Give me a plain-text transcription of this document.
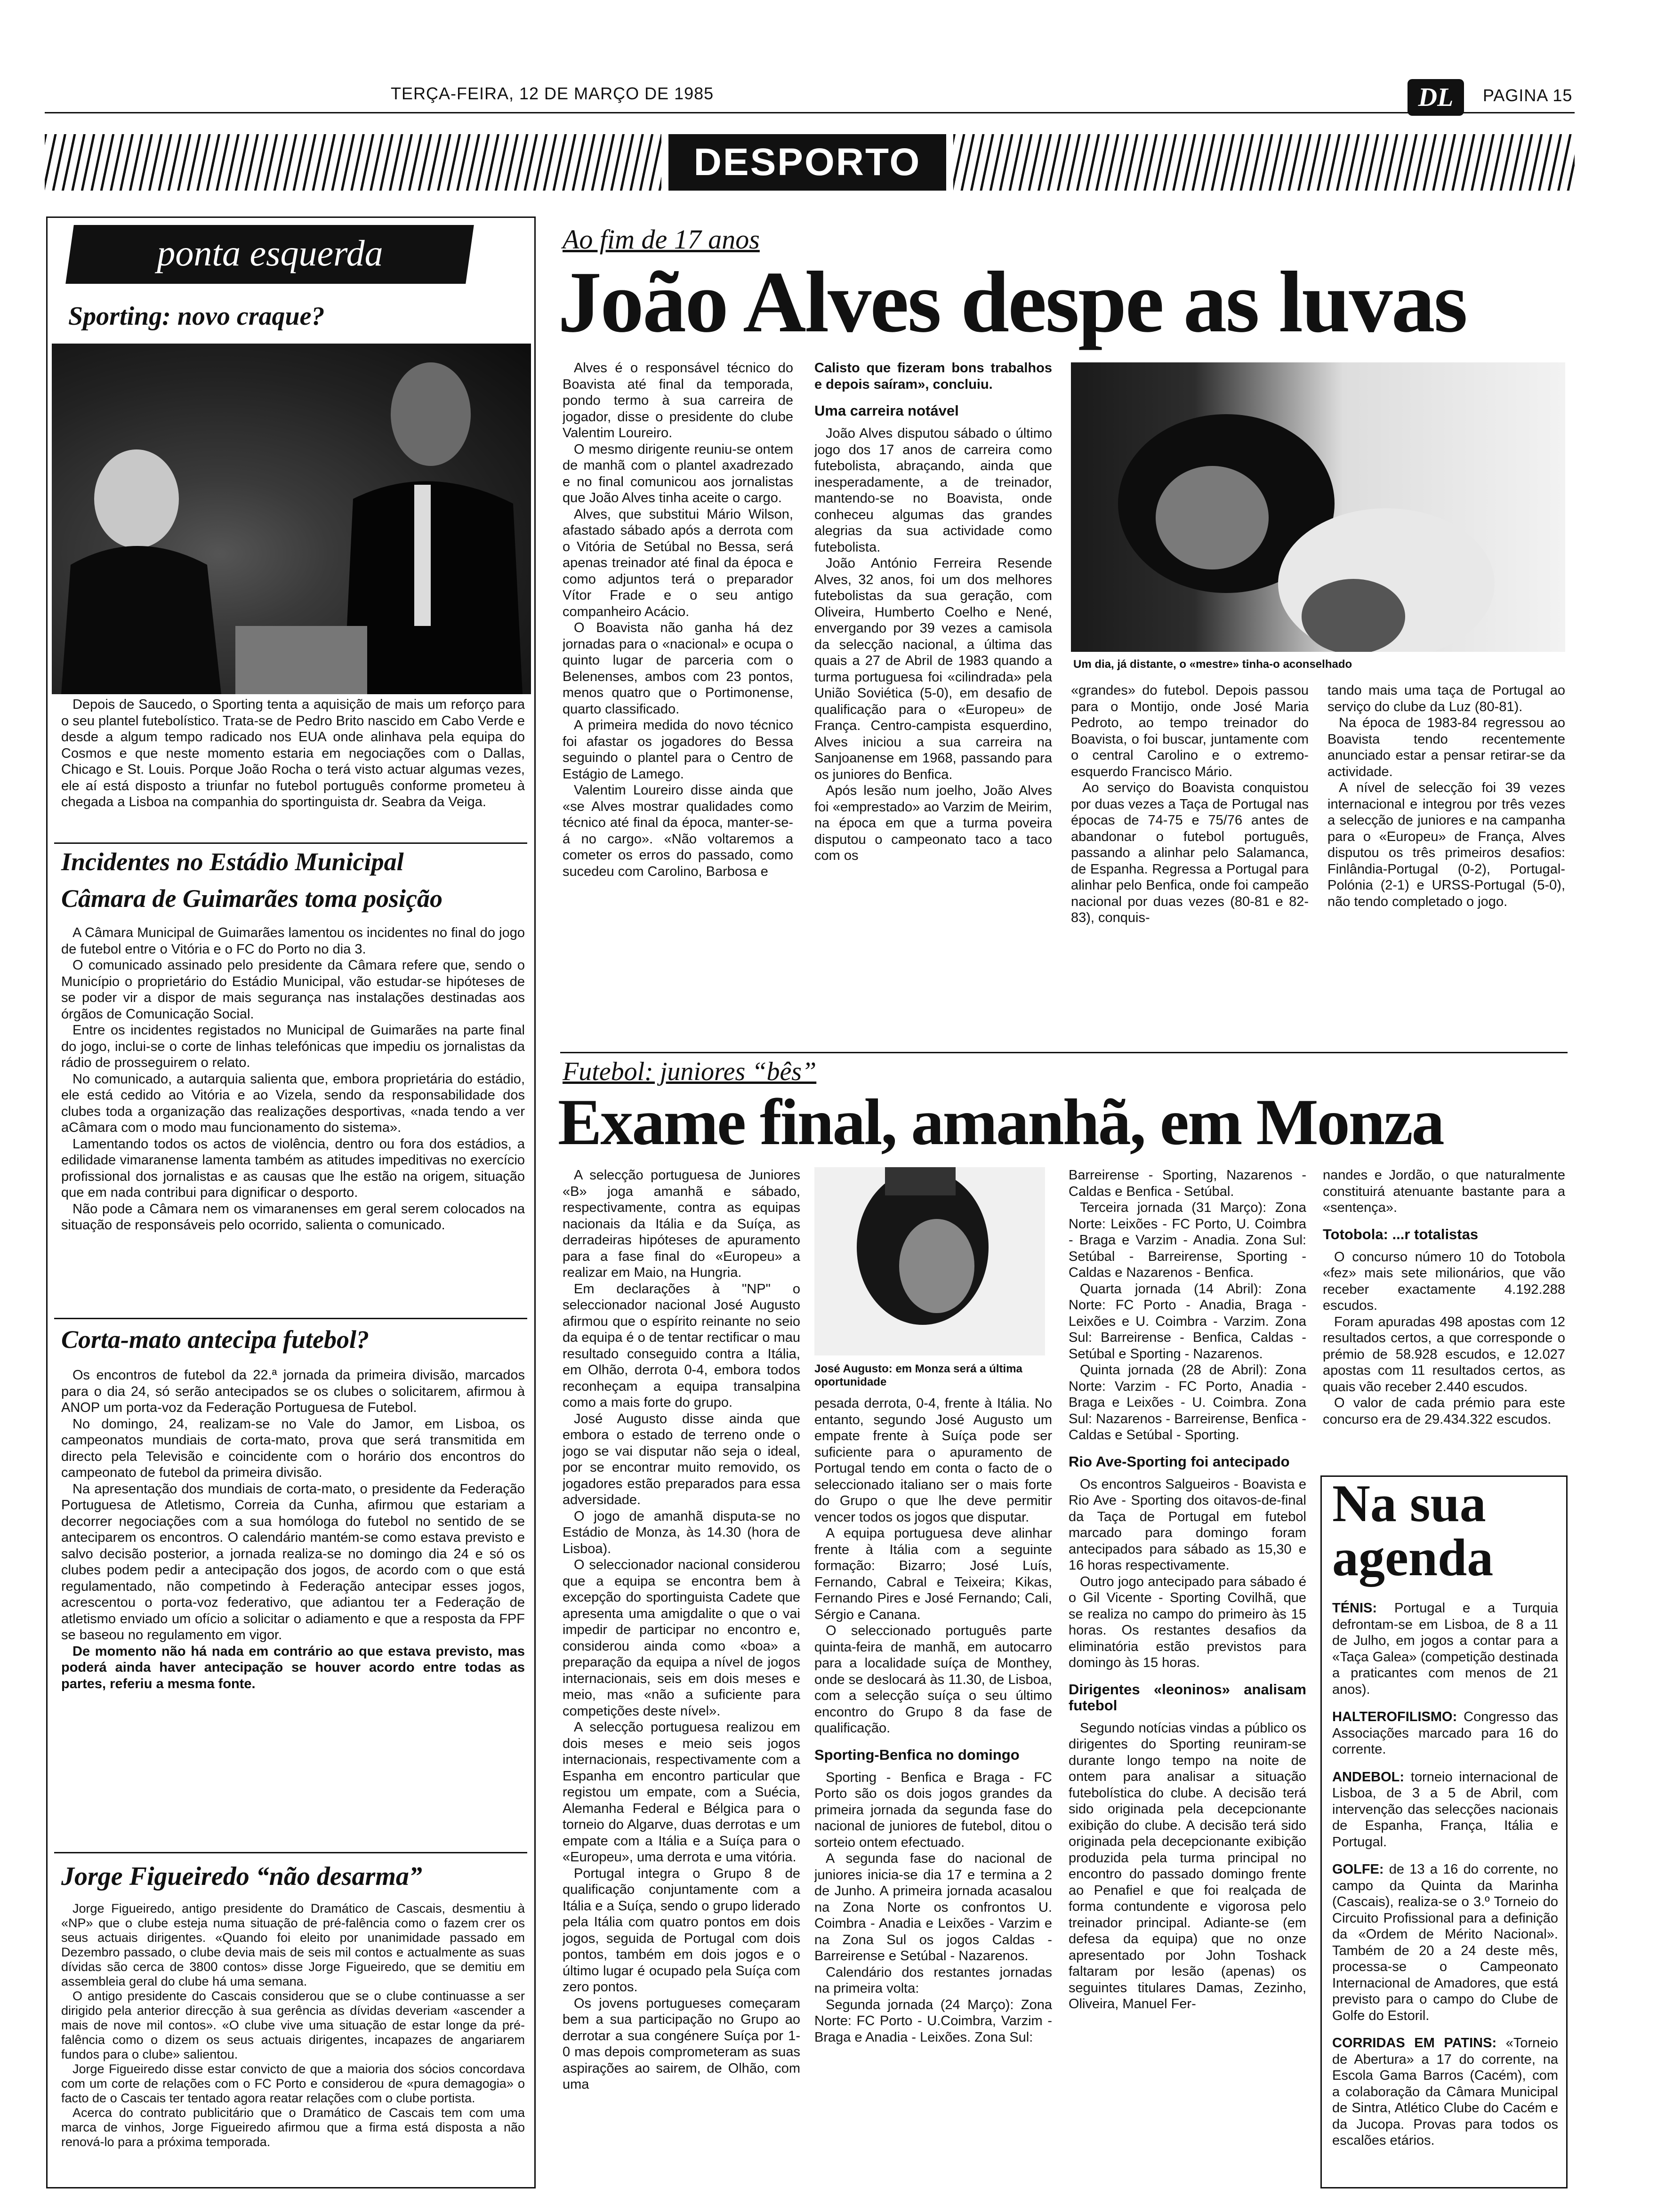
TERÇA-FEIRA, 12 DE MARÇO DE 1985	DL	PAGINA 15
DESPORTO
ponta esquerda
Sporting: novo craque?

Depois de Saucedo, o Sporting tenta a aquisição de mais um reforço para o seu plantel futebolístico. Trata-se de Pedro Brito nascido em Cabo Verde e desde a algum tempo radicado nos EUA onde alinhava pela equipa do Cosmos e que neste momento estaria em negociações com o Dallas, Chicago e St. Louis. Porque João Rocha o terá visto actuar algumas vezes, ele aí está disposto a triunfar no futebol português conforme prometeu à chegada a Lisboa na companhia do sportinguista dr. Seabra da Veiga.

Incidentes no Estádio Municipal
Câmara de Guimarães toma posição

A Câmara Municipal de Guimarães lamentou os incidentes no final do jogo de futebol entre o Vitória e o FC do Porto no dia 3.

O comunicado assinado pelo presidente da Câmara refere que, sendo o Município o proprietário do Estádio Municipal, vão estudar-se hipóteses de se poder vir a dispor de mais segurança nas instalações destinadas aos órgãos de Comunicação Social.

Entre os incidentes registados no Municipal de Guimarães na parte final do jogo, inclui-se o corte de linhas telefónicas que impediu os jornalistas da rádio de prosseguirem o relato.

No comunicado, a autarquia salienta que, embora proprietária do estádio, ele está cedido ao Vitória e ao Vizela, sendo da responsabilidade dos clubes toda a organização das realizações desportivas, «nada tendo a ver aCâmara com o modo mau funcionamento do sistema».

Lamentando todos os actos de violência, dentro ou fora dos estádios, a edilidade vimaranense lamenta também as atitudes impeditivas no exercício profissional dos jornalistas e as causas que lhe estão na origem, situação que em nada contribui para dignificar o desporto.

Não pode a Câmara nem os vimaranenses em geral serem colocados na situação de responsáveis pelo ocorrido, salienta o comunicado.

Corta-mato antecipa futebol?

Os encontros de futebol da 22.ª jornada da primeira divisão, marcados para o dia 24, só serão antecipados se os clubes o solicitarem, afirmou à ANOP um porta-voz da Federação Portuguesa de Futebol.

No domingo, 24, realizam-se no Vale do Jamor, em Lisboa, os campeonatos mundiais de corta-mato, prova que será transmitida em directo pela Televisão e coincidente com o horário dos encontros do campeonato de futebol da primeira divisão.

Na apresentação dos mundiais de corta-mato, o presidente da Federação Portuguesa de Atletismo, Correia da Cunha, afirmou que estariam a decorrer negociações com a sua homóloga do futebol no sentido de se anteciparem os encontros. O calendário mantém-se como estava previsto e salvo decisão posterior, a jornada realiza-se no domingo dia 24 e só os clubes podem pedir a antecipação dos jogos, de acordo com o que está regulamentado, não competindo à Federação antecipar esses jogos, acrescentou o porta-voz federativo, que adiantou ter a Federação de atletismo enviado um ofício a solicitar o adiamento e que a resposta da FPF se baseou no regulamento em vigor.

De momento não há nada em contrário ao que estava previsto, mas poderá ainda haver antecipação se houver acordo entre todas as partes, referiu a mesma fonte.

Jorge Figueiredo “não desarma”

Jorge Figueiredo, antigo presidente do Dramático de Cascais, desmentiu à «NP» que o clube esteja numa situação de pré-falência como o fazem crer os seus actuais dirigentes. «Quando foi eleito por unanimidade passado em Dezembro passado, o clube devia mais de seis mil contos e actualmente as suas dívidas são cerca de 3800 contos» disse Jorge Figueiredo, que se demitiu em assembleia geral do clube há uma semana.

O antigo presidente do Cascais considerou que se o clube continuasse a ser dirigido pela anterior direcção à sua gerência as dívidas deveriam «ascender a mais de nove mil contos». «O clube vive uma situação de estar longe da pré-falência como o dizem os seus actuais dirigentes, incapazes de angariarem fundos para o clube» salientou.

Jorge Figueiredo disse estar convicto de que a maioria dos sócios concordava com um corte de relações com o FC Porto e considerou de «pura demagogia» o facto de o Cascais ter tentado agora reatar relações com o clube portista.

Acerca do contrato publicitário que o Dramático de Cascais tem com uma marca de vinhos, Jorge Figueiredo afirmou que a firma está disposta a não renová-lo para a próxima temporada.

Ao fim de 17 anos
João Alves despe as luvas

Alves é o responsável técnico do Boavista até final da temporada, pondo termo à sua carreira de jogador, disse o presidente do clube Valentim Loureiro.

O mesmo dirigente reuniu-se ontem de manhã com o plantel axadrezado e no final comunicou aos jornalistas que João Alves tinha aceite o cargo.

Alves, que substitui Mário Wilson, afastado sábado após a derrota com o Vitória de Setúbal no Bessa, será apenas treinador até final da época e como adjuntos terá o preparador Vítor Frade e o seu antigo companheiro Acácio.

O Boavista não ganha há dez jornadas para o «nacional» e ocupa o quinto lugar de parceria com o Belenenses, ambos com 23 pontos, menos quatro que o Portimonense, quarto classificado.

A primeira medida do novo técnico foi afastar os jogadores do Bessa seguindo o plantel para o Centro de Estágio de Lamego.

Valentim Loureiro disse ainda que «se Alves mostrar qualidades como técnico até final da época, manter-se-á no cargo». «Não voltaremos a cometer os erros do passado, como sucedeu com Carolino, Barbosa e

Calisto que fizeram bons trabalhos e depois saíram», concluiu.

Uma carreira notável

João Alves disputou sábado o último jogo dos 17 anos de carreira como futebolista, abraçando, ainda que inesperadamente, a de treinador, mantendo-se no Boavista, onde conheceu algumas das grandes alegrias da sua actividade como futebolista.

João António Ferreira Resende Alves, 32 anos, foi um dos melhores futebolistas da sua geração, com Oliveira, Humberto Coelho e Nené, envergando por 39 vezes a camisola da selecção nacional, a última das quais a 27 de Abril de 1983 quando a turma portuguesa foi «cilindrada» pela União Soviética (5-0), em desafio de qualificação para o «Europeu» de França. Centro-campista esquerdino, Alves iniciou a sua carreira na Sanjoanense em 1968, passando para os juniores do Benfica.

Após lesão num joelho, João Alves foi «emprestado» ao Varzim de Meirim, na época em que a turma poveira disputou o campeonato taco a taco com os

Um dia, já distante, o «mestre» tinha-o aconselhado

«grandes» do futebol. Depois passou para o Montijo, onde José Maria Pedroto, ao tempo treinador do Boavista, o foi buscar, juntamente com o central Carolino e o extremo-esquerdo Francisco Mário.

Ao serviço do Boavista conquistou por duas vezes a Taça de Portugal nas épocas de 74-75 e 75/76 antes de abandonar o futebol português, passando a alinhar pelo Salamanca, de Espanha. Regressa a Portugal para alinhar pelo Benfica, onde foi campeão nacional por duas vezes (80-81 e 82-83), conquis-

tando mais uma taça de Portugal ao serviço do clube da Luz (80-81).

Na época de 1983-84 regressou ao Boavista tendo recentemente anunciado estar a pensar retirar-se da actividade.

A nível de selecção foi 39 vezes internacional e integrou por três vezes a selecção de juniores e na campanha para o «Europeu» de França, Alves disputou os três primeiros desafios: Finlândia-Portugal (0-2), Portugal-Polónia (2-1) e URSS-Portugal (5-0), não tendo completado o jogo.

Futebol: juniores “bês”
Exame final, amanhã, em Monza

A selecção portuguesa de Juniores «B» joga amanhã e sábado, respectivamente, contra as equipas nacionais da Itália e da Suíça, as derradeiras hipóteses de apuramento para a fase final do «Europeu» a realizar em Maio, na Hungria.

Em declarações à "NP" o seleccionador nacional José Augusto afirmou que o espírito reinante no seio da equipa é o de tentar rectificar o mau resultado conseguido contra a Itália, em Olhão, derrota 0-4, embora todos reconheçam a equipa transalpina como a mais forte do grupo.

José Augusto disse ainda que embora o estado de terreno onde o jogo se vai disputar não seja o ideal, por se encontrar muito removido, os jogadores estão preparados para essa adversidade.

O jogo de amanhã disputa-se no Estádio de Monza, às 14.30 (hora de Lisboa).

O seleccionador nacional considerou que a equipa se encontra bem à excepção do sportinguista Cadete que apresenta uma amigdalite o que o vai impedir de participar no encontro e, considerou ainda como «boa» a preparação da equipa a nível de jogos internacionais, seis em dois meses e meio, mas «não a suficiente para competições deste nível».

A selecção portuguesa realizou em dois meses e meio seis jogos internacionais, respectivamente com a Espanha em encontro particular que registou um empate, com a Suécia, Alemanha Federal e Bélgica para o torneio do Algarve, duas derrotas e um empate com a Itália e a Suíça para o «Europeu», uma derrota e uma vitória.

Portugal integra o Grupo 8 de qualificação conjuntamente com a Itália e a Suíça, sendo o grupo liderado pela Itália com quatro pontos em dois jogos, seguida de Portugal com dois pontos, também em dois jogos e o último lugar é ocupado pela Suíça com zero pontos.

Os jovens portugueses começaram bem a sua participação no Grupo ao derrotar a sua congénere Suíça por 1-0 mas depois comprometeram as suas aspirações ao sairem, de Olhão, com uma

José Augusto: em Monza será a última oportunidade

pesada derrota, 0-4, frente à Itália. No entanto, segundo José Augusto um empate frente à Suíça pode ser suficiente para o apuramento de Portugal tendo em conta o facto de o seleccionado italiano ser o mais forte do Grupo o que lhe deve permitir vencer todos os jogos que disputar.

A equipa portuguesa deve alinhar frente à Itália com a seguinte formação: Bizarro; José Luís, Fernando, Cabral e Teixeira; Kikas, Fernando Pires e José Fernando; Cali, Sérgio e Canana.

O seleccionado português parte quinta-feira de manhã, em autocarro para a localidade suíça de Monthey, onde se deslocará às 11.30, de Lisboa, com a selecção suíça o seu último encontro do Grupo 8 da fase de qualificação.

Sporting-Benfica no domingo

Sporting - Benfica e Braga - FC Porto são os dois jogos grandes da primeira jornada da segunda fase do nacional de juniores de futebol, ditou o sorteio ontem efectuado.

A segunda fase do nacional de juniores inicia-se dia 17 e termina a 2 de Junho. A primeira jornada acasalou na Zona Norte os confrontos U. Coimbra - Anadia e Leixões - Varzim e na Zona Sul os jogos Caldas - Barreirense e Setúbal - Nazarenos.

Calendário dos restantes jornadas na primeira volta:

Segunda jornada (24 Março): Zona Norte: FC Porto - U.Coimbra, Varzim - Braga e Anadia - Leixões. Zona Sul:

Barreirense - Sporting, Nazarenos - Caldas e Benfica - Setúbal.

Terceira jornada (31 Março): Zona Norte: Leixões - FC Porto, U. Coimbra - Braga e Varzim - Anadia. Zona Sul: Setúbal - Barreirense, Sporting - Caldas e Nazarenos - Benfica.

Quarta jornada (14 Abril): Zona Norte: FC Porto - Anadia, Braga - Leixões e U. Coimbra - Varzim. Zona Sul: Barreirense - Benfica, Caldas - Setúbal e Sporting - Nazarenos.

Quinta jornada (28 de Abril): Zona Norte: Varzim - FC Porto, Anadia - Braga e Leixões - U. Coimbra. Zona Sul: Nazarenos - Barreirense, Benfica - Caldas e Setúbal - Sporting.

Rio Ave-Sporting foi antecipado

Os encontros Salgueiros - Boavista e Rio Ave - Sporting dos oitavos-de-final da Taça de Portugal em futebol marcado para domingo foram antecipados para sábado as 15,30 e 16 horas respectivamente.

Outro jogo antecipado para sábado é o Gil Vicente - Sporting Covilhã, que se realiza no campo do primeiro às 15 horas. Os restantes desafios da eliminatória estão previstos para domingo às 15 horas.

Dirigentes «leoninos» analisam futebol

Segundo notícias vindas a público os dirigentes do Sporting reuniram-se durante longo tempo na noite de ontem para analisar a situação futebolística do clube. A decisão terá sido originada pela decepcionante exibição do clube. A decisão terá sido originada pela decepcionante exibição produzida pela turma principal no encontro do passado domingo frente ao Penafiel e que foi realçada de forma contundente e vigorosa pelo treinador principal. Adiante-se (em defesa da equipa) que no onze apresentado por John Toshack faltaram por lesão (apenas) os seguintes titulares Damas, Zezinho, Oliveira, Manuel Fer-

nandes e Jordão, o que naturalmente constituirá atenuante bastante para a «sentença».

Totobola: ...r totalistas

O concurso número 10 do Totobola «fez» mais sete milionários, que vão receber exactamente 4.192.288 escudos.

Foram apuradas 498 apostas com 12 resultados certos, a que corresponde o prémio de 58.928 escudos, e 12.027 apostas com 11 resultados certos, as quais vão receber 2.440 escudos.

O valor de cada prémio para este concurso era de 29.434.322 escudos.

Na sua
agenda

TÉNIS: Portugal e a Turquia defrontam-se em Lisboa, de 8 a 11 de Julho, em jogos a contar para a «Taça Galea» (competição destinada a praticantes com menos de 21 anos).

HALTEROFILISMO: Congresso das Associações marcado para 16 do corrente.

ANDEBOL: torneio internacional de Lisboa, de 3 a 5 de Abril, com intervenção das selecções nacionais de Espanha, França, Itália e Portugal.

GOLFE: de 13 a 16 do corrente, no campo da Quinta da Marinha (Cascais), realiza-se o 3.º Torneio do Circuito Profissional para a definição da «Ordem de Mérito Nacional». Também de 20 a 24 deste mês, processa-se o Campeonato Internacional de Amadores, que está previsto para o campo do Clube de Golfe do Estoril.

CORRIDAS EM PATINS: «Torneio de Abertura» a 17 do corrente, na Escola Gama Barros (Cacém), com a colaboração da Câmara Municipal de Sintra, Atlético Clube do Cacém e da Jucopa. Provas para todos os escalões etários.
